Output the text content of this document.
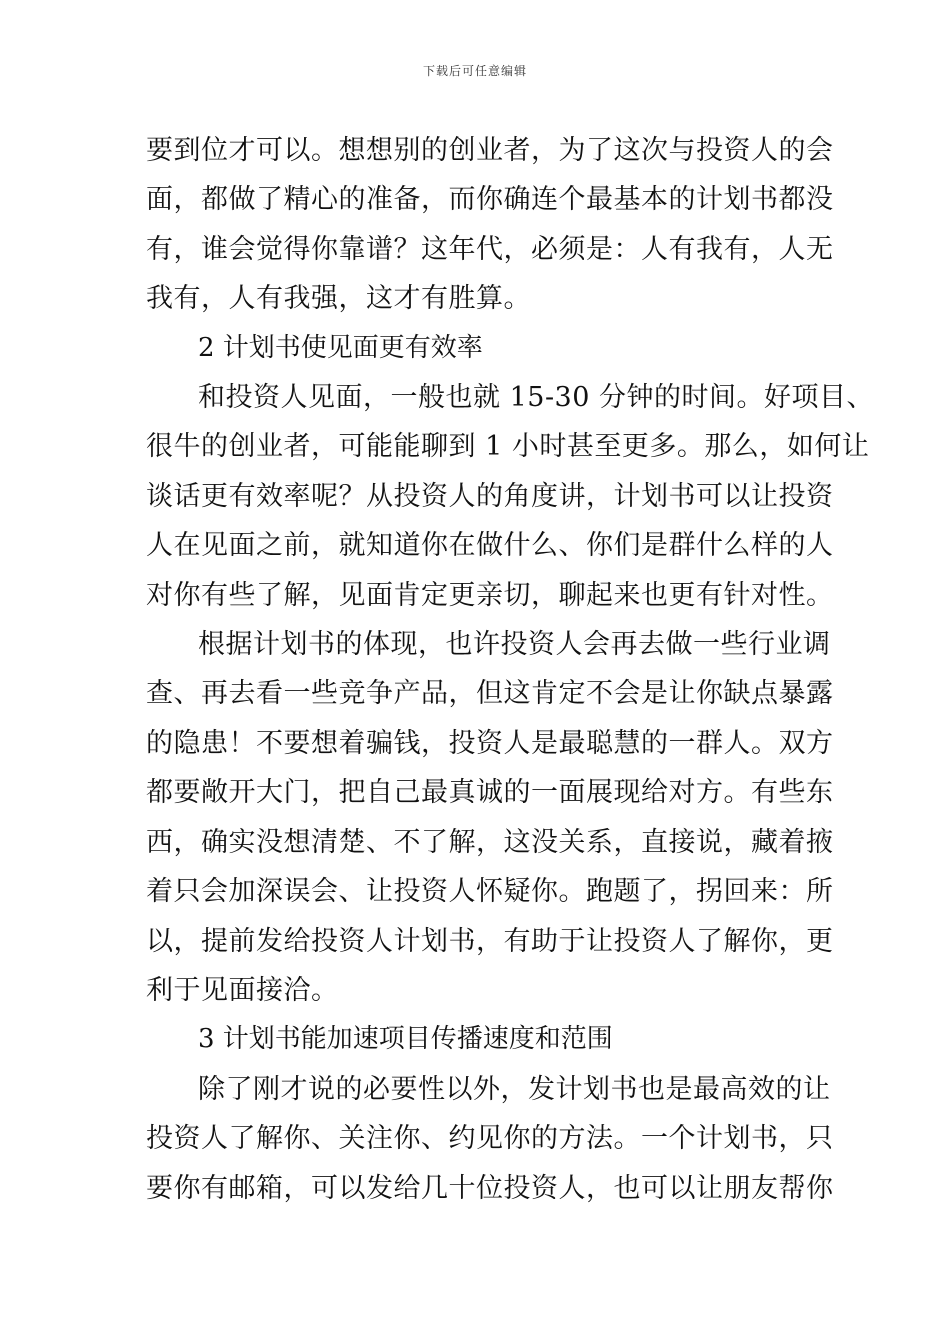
下载后可任意编辑

要到位才可以。想想别的创业者，为了这次与投资人的会
面，都做了精心的准备，而你确连个最基本的计划书都没
有，谁会觉得你靠谱？这年代，必须是：人有我有，人无
我有，人有我强，这才有胜算。

2 计划书使见面更有效率

和投资人见面，一般也就 15-30 分钟的时间。好项目、
很牛的创业者，可能能聊到 1 小时甚至更多。那么，如何让
谈话更有效率呢？从投资人的角度讲，计划书可以让投资
人在见面之前，就知道你在做什么、你们是群什么样的人
对你有些了解，见面肯定更亲切，聊起来也更有针对性。

根据计划书的体现，也许投资人会再去做一些行业调
查、再去看一些竞争产品，但这肯定不会是让你缺点暴露
的隐患！不要想着骗钱，投资人是最聪慧的一群人。双方
都要敞开大门，把自己最真诚的一面展现给对方。有些东
西，确实没想清楚、不了解，这没关系，直接说，藏着掖
着只会加深误会、让投资人怀疑你。跑题了，拐回来：所
以，提前发给投资人计划书，有助于让投资人了解你，更
利于见面接洽。

3 计划书能加速项目传播速度和范围

除了刚才说的必要性以外，发计划书也是最高效的让
投资人了解你、关注你、约见你的方法。一个计划书，只
要你有邮箱，可以发给几十位投资人，也可以让朋友帮你
